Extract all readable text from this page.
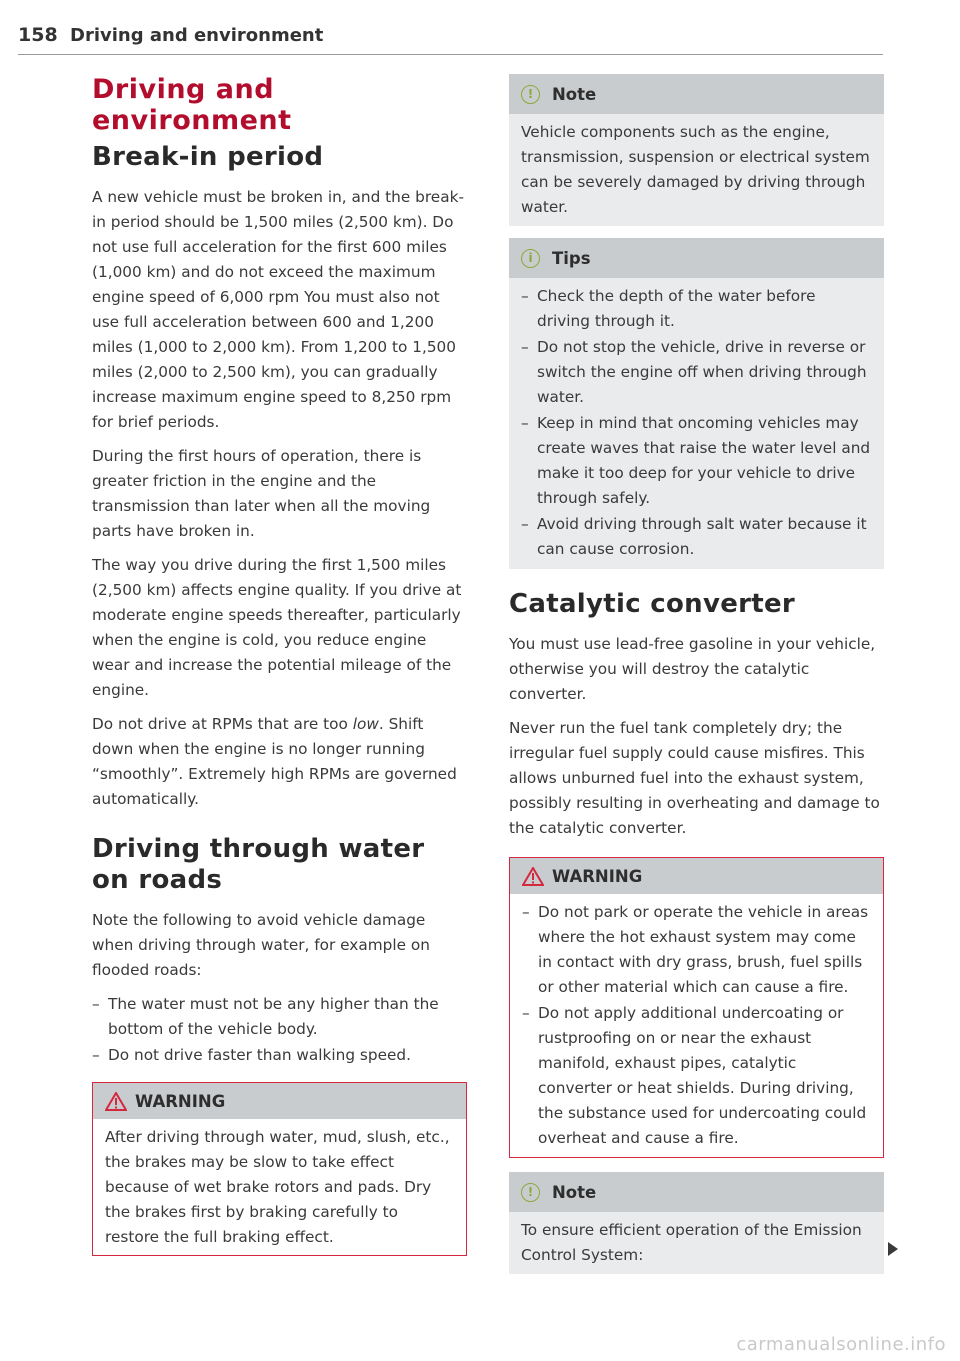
158 Driving and environment
Driving and environment
Break-in period

A new vehicle must be broken in, and the break-in period should be 1,500 miles (2,500 km). Do not use full acceleration for the first 600 miles (1,000 km) and do not exceed the maximum engine speed of 6,000 rpm You must also not use full acceleration between 600 and 1,200 miles (1,000 to 2,000 km). From 1,200 to 1,500 miles (2,000 to 2,500 km), you can gradually increase maximum engine speed to 8,250 rpm for brief periods.

During the first hours of operation, there is greater friction in the engine and the transmission than later when all the moving parts have broken in.

The way you drive during the first 1,500 miles (2,500 km) affects engine quality. If you drive at moderate engine speeds thereafter, particularly when the engine is cold, you reduce engine wear and increase the potential mileage of the engine.

Do not drive at RPMs that are too low. Shift down when the engine is no longer running “smoothly”. Extremely high RPMs are governed automatically.

Driving through water on roads

Note the following to avoid vehicle damage when driving through water, for example on flooded roads:

– The water must not be any higher than the bottom of the vehicle body.
– Do not drive faster than walking speed.
WARNING

After driving through water, mud, slush, etc., the brakes may be slow to take effect because of wet brake rotors and pads. Dry the brakes first by braking carefully to restore the full braking effect.

!	Note

Vehicle components such as the engine, transmission, suspension or electrical system can be severely damaged by driving through water.

i	Tips
– Check the depth of the water before driving through it.
– Do not stop the vehicle, drive in reverse or switch the engine off when driving through water.
– Keep in mind that oncoming vehicles may create waves that raise the water level and make it too deep for your vehicle to drive through safely.
– Avoid driving through salt water because it can cause corrosion.
Catalytic converter

You must use lead-free gasoline in your vehicle, otherwise you will destroy the catalytic converter.

Never run the fuel tank completely dry; the irregular fuel supply could cause misfires. This allows unburned fuel into the exhaust system, possibly resulting in overheating and damage to the catalytic converter.

WARNING
– Do not park or operate the vehicle in areas where the hot exhaust system may come in contact with dry grass, brush, fuel spills or other material which can cause a fire.
– Do not apply additional undercoating or rustproofing on or near the exhaust manifold, exhaust pipes, catalytic converter or heat shields. During driving, the substance used for undercoating could overheat and cause a fire.
!	Note

To ensure efficient operation of the Emission Control System:

carmanualsonline.info
